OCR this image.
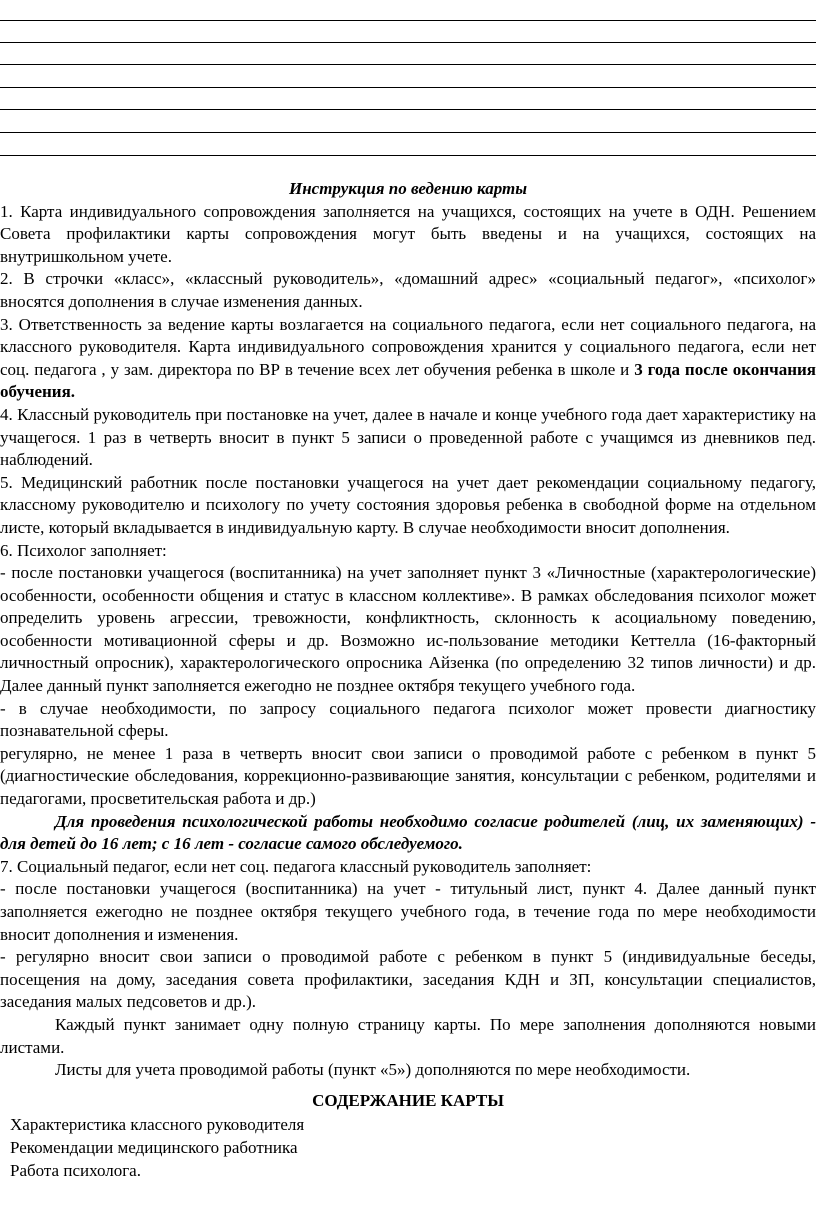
Инструкция по ведению карты

1. Карта индивидуального сопровождения заполняется на учащихся, состоящих на учете в ОДН. Решением Совета профилактики карты сопровождения могут быть введены и на учащихся, состоящих на внутришкольном учете.

2. В строчки «класс», «классный руководитель», «домашний адрес» «социальный педагог», «психолог» вносятся дополнения в случае изменения данных.

3. Ответственность за ведение карты возлагается на социального педагога, если нет социального педагога, на классного руководителя. Карта индивидуального сопровождения хранится у социального педагога, если нет соц. педагога , у зам. директора по ВР в течение всех лет обучения ребенка в школе и 3 года после окончания обучения.

4. Классный руководитель при постановке на учет, далее в начале и конце учебного года дает характеристику на учащегося. 1 раз в четверть вносит в пункт 5 записи о проведенной работе с учащимся из дневников пед. наблюдений.

5. Медицинский работник после постановки учащегося на учет дает рекомендации социальному педагогу, классному руководителю и психологу по учету состояния здоровья ребенка в свободной форме на отдельном листе, который вкладывается в индивидуальную карту. В случае необходимости вносит дополнения.

6. Психолог заполняет:

- после постановки учащегося (воспитанника) на учет заполняет пункт 3 «Личностные (характерологические) особенности, особенности общения и статус в классном коллективе». В рамках обследования психолог может определить уровень агрессии, тревожности, конфликтность, склонность к асоциальному поведению, особенности мотивационной сферы и др. Возможно ис-пользование методики Кеттелла (16-факторный личностный опросник), характерологического опросника Айзенка (по определению 32 типов личности) и др. Далее данный пункт заполняется ежегодно не позднее октября текущего учебного года.

- в случае необходимости, по запросу социального педагога психолог может провести диагностику познавательной сферы.

регулярно, не менее 1 раза в четверть вносит свои записи о проводимой работе с ребенком в пункт 5 (диагностические обследования, коррекционно-развивающие занятия, консультации с ребенком, родителями и педагогами, просветительская работа и др.)

Для проведения психологической работы необходимо согласие родителей (лиц, их заменяющих) - для детей до 16 лет; с 16 лет - согласие самого обследуемого.

7. Социальный педагог, если нет соц. педагога классный руководитель заполняет:

- после постановки учащегося (воспитанника) на учет - титульный лист, пункт 4. Далее данный пункт заполняется ежегодно не позднее октября текущего учебного года, в течение года по мере необходимости вносит дополнения и изменения.

- регулярно вносит свои записи о проводимой работе с ребенком в пункт 5 (индивидуальные беседы, посещения на дому, заседания совета профилактики, заседания КДН и ЗП, консультации специалистов, заседания малых педсоветов и др.).

Каждый пункт занимает одну полную страницу карты. По мере заполнения дополняются новыми листами.

Листы для учета проводимой работы (пункт «5») дополняются по мере необходимости.

СОДЕРЖАНИЕ КАРТЫ

Характеристика классного руководителя

Рекомендации медицинского работника

Работа психолога.
